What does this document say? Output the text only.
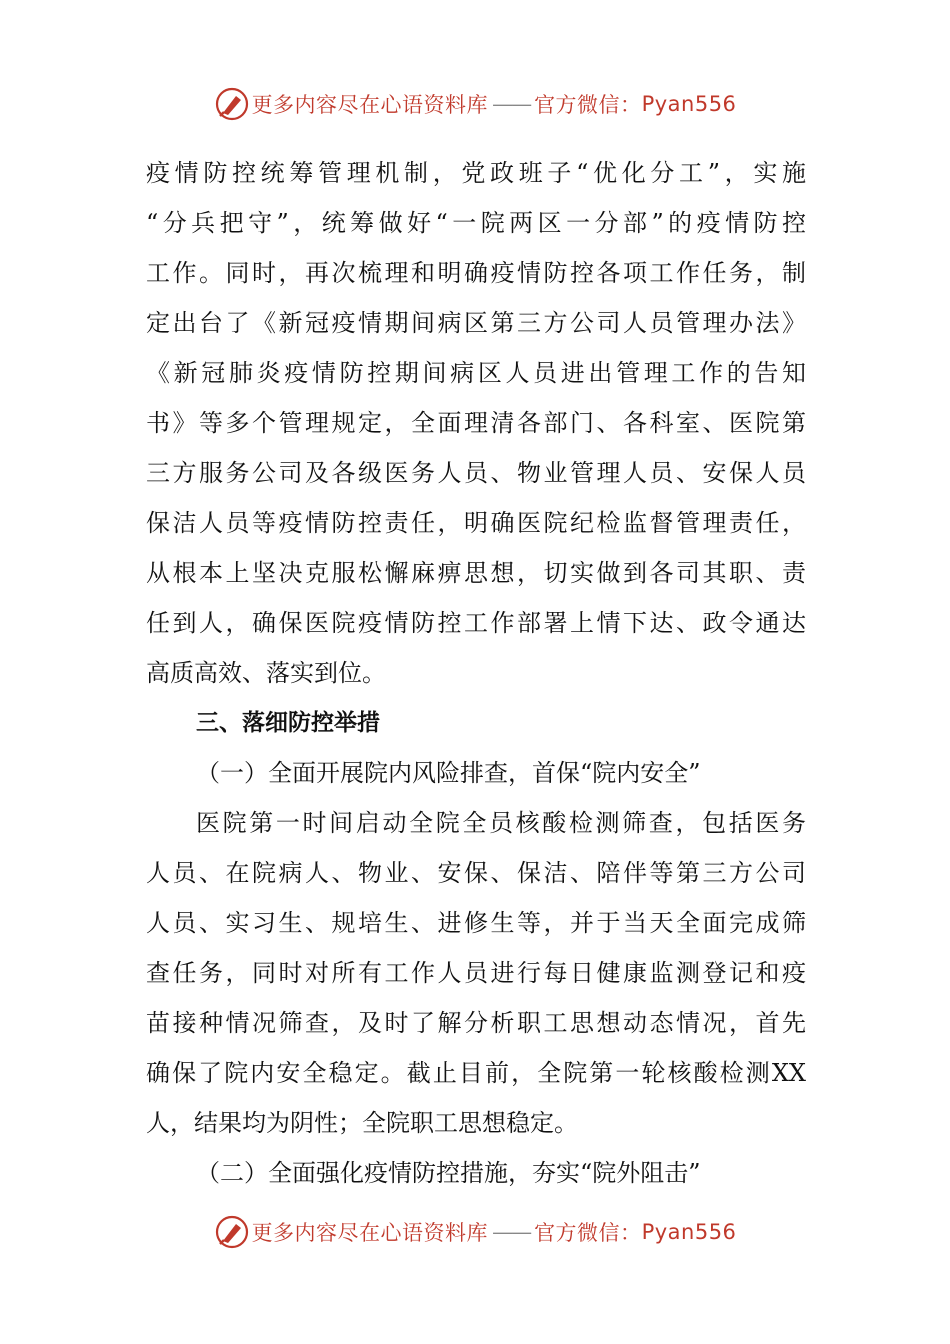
更多内容尽在心语资料库 —— 官方微信： Pyan556
疫情防控统筹管理机制，党政班子“优化分工”，实施
“分兵把守”，统筹做好“一院两区一分部”的疫情防控
工作。同时，再次梳理和明确疫情防控各项工作任务，制
定出台了《新冠疫情期间病区第三方公司人员管理办法》
《新冠肺炎疫情防控期间病区人员进出管理工作的告知
书》等多个管理规定，全面理清各部门、各科室、医院第
三方服务公司及各级医务人员、物业管理人员、安保人员
保洁人员等疫情防控责任，明确医院纪检监督管理责任，
从根本上坚决克服松懈麻痹思想，切实做到各司其职、责
任到人，确保医院疫情防控工作部署上情下达、政令通达
高质高效、落实到位。
三、落细防控举措
（一）全面开展院内风险排查，首保“院内安全”
医院第一时间启动全院全员核酸检测筛查，包括医务
人员、在院病人、物业、安保、保洁、陪伴等第三方公司
人员、实习生、规培生、进修生等，并于当天全面完成筛
查任务，同时对所有工作人员进行每日健康监测登记和疫
苗接种情况筛查，及时了解分析职工思想动态情况，首先
确保了院内安全稳定。截止目前，全院第一轮核酸检测XX
人，结果均为阴性；全院职工思想稳定。
（二）全面强化疫情防控措施，夯实“院外阻击”
更多内容尽在心语资料库 —— 官方微信： Pyan556
